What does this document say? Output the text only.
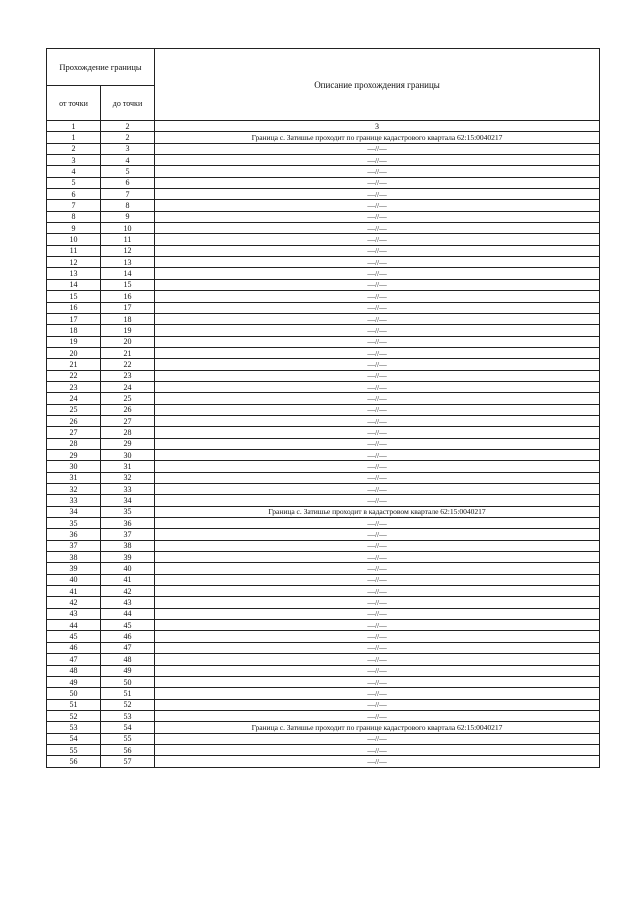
Прохождение границы		Описание прохождения границы
от точки	до точки	
1	2	3
1	2	Граница с. Затишье проходит по границе кадастрового квартала 62:15:0040217
2	3	—//—
3	4	—//—
4	5	—//—
5	6	—//—
6	7	—//—
7	8	—//—
8	9	—//—
9	10	—//—
10	11	—//—
11	12	—//—
12	13	—//—
13	14	—//—
14	15	—//—
15	16	—//—
16	17	—//—
17	18	—//—
18	19	—//—
19	20	—//—
20	21	—//—
21	22	—//—
22	23	—//—
23	24	—//—
24	25	—//—
25	26	—//—
26	27	—//—
27	28	—//—
28	29	—//—
29	30	—//—
30	31	—//—
31	32	—//—
32	33	—//—
33	34	—//—
34	35	Граница с. Затишье проходит в кадастровом квартале 62:15:0040217
35	36	—//—
36	37	—//—
37	38	—//—
38	39	—//—
39	40	—//—
40	41	—//—
41	42	—//—
42	43	—//—
43	44	—//—
44	45	—//—
45	46	—//—
46	47	—//—
47	48	—//—
48	49	—//—
49	50	—//—
50	51	—//—
51	52	—//—
52	53	—//—
53	54	Граница с. Затишье проходит по границе кадастрового квартала 62:15:0040217
54	55	—//—
55	56	—//—
56	57	—//—
